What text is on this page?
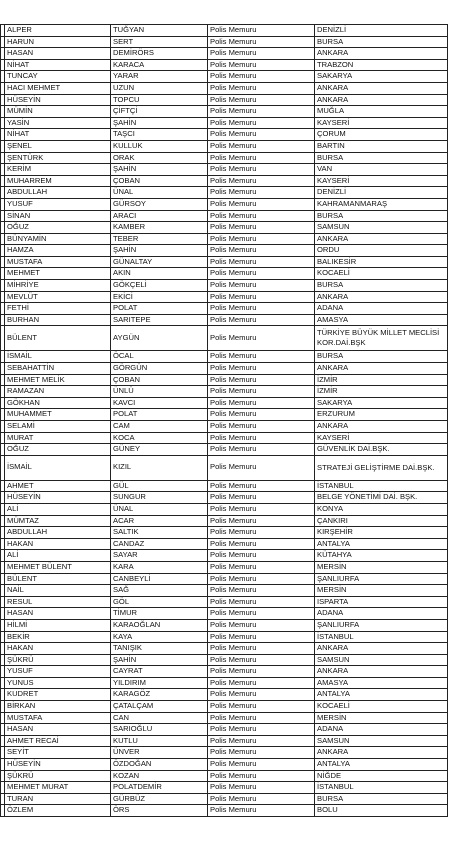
	ALPER	TUĞYAN	Polis Memuru	DENİZLİ
	HARUN	SERT	Polis Memuru	BURSA
	HASAN	DEMİRÖRS	Polis Memuru	ANKARA
	NİHAT	KARACA	Polis Memuru	TRABZON
	TUNCAY	YARAR	Polis Memuru	SAKARYA
	HACI MEHMET	UZUN	Polis Memuru	ANKARA
	HÜSEYİN	TOPCU	Polis Memuru	ANKARA
	MÜMİN	ÇİFTÇİ	Polis Memuru	MUĞLA
	YASİN	ŞAHİN	Polis Memuru	KAYSERİ
	NİHAT	TAŞCI	Polis Memuru	ÇORUM
	ŞENEL	KULLUK	Polis Memuru	BARTIN
	ŞENTÜRK	ORAK	Polis Memuru	BURSA
	KERİM	ŞAHİN	Polis Memuru	VAN
	MUHARREM	ÇOBAN	Polis Memuru	KAYSERİ
	ABDULLAH	ÜNAL	Polis Memuru	DENİZLİ
	YUSUF	GÜRSOY	Polis Memuru	KAHRAMANMARAŞ
	SİNAN	ARACI	Polis Memuru	BURSA
	OĞUZ	KAMBER	Polis Memuru	SAMSUN
	BÜNYAMİN	TEBER	Polis Memuru	ANKARA
	HAMZA	ŞAHİN	Polis Memuru	ORDU
	MUSTAFA	GÜNALTAY	Polis Memuru	BALIKESİR
	MEHMET	AKIN	Polis Memuru	KOCAELİ
	MİHRİYE	GÖKÇELİ	Polis Memuru	BURSA
	MEVLÜT	EKİCİ	Polis Memuru	ANKARA
	FETHİ	POLAT	Polis Memuru	ADANA
	BURHAN	SARITEPE	Polis Memuru	AMASYA
	BÜLENT	AYGÜN	Polis Memuru	TÜRKİYE BÜYÜK MİLLET MECLİSİ KOR.DAİ.BŞK
	İSMAİL	ÖCAL	Polis Memuru	BURSA
	SEBAHATTİN	GÖRGÜN	Polis Memuru	ANKARA
	MEHMET MELİK	ÇOBAN	Polis Memuru	İZMİR
	RAMAZAN	ÜNLÜ	Polis Memuru	İZMİR
	GÖKHAN	KAVCI	Polis Memuru	SAKARYA
	MUHAMMET	POLAT	Polis Memuru	ERZURUM
	SELAMİ	CAM	Polis Memuru	ANKARA
	MURAT	KOCA	Polis Memuru	KAYSERİ
	OĞUZ	GÜNEY	Polis Memuru	GÜVENLİK DAİ.BŞK.
	İSMAİL	KIZIL	Polis Memuru	STRATEJİ GELİŞTİRME DAİ.BŞK.
	AHMET	GÜL	Polis Memuru	İSTANBUL
	HÜSEYİN	SUNGUR	Polis Memuru	BELGE YÖNETİMİ DAİ. BŞK.
	ALİ	ÜNAL	Polis Memuru	KONYA
	MÜMTAZ	ACAR	Polis Memuru	ÇANKIRI
	ABDULLAH	SALTIK	Polis Memuru	KIRŞEHİR
	HAKAN	CANDAZ	Polis Memuru	ANTALYA
	ALİ	SAYAR	Polis Memuru	KÜTAHYA
	MEHMET BÜLENT	KARA	Polis Memuru	MERSİN
	BÜLENT	CANBEYLİ	Polis Memuru	ŞANLIURFA
	NAİL	SAĞ	Polis Memuru	MERSİN
	RESUL	GÖL	Polis Memuru	ISPARTA
	HASAN	TİMUR	Polis Memuru	ADANA
	HİLMİ	KARAOĞLAN	Polis Memuru	ŞANLIURFA
	BEKİR	KAYA	Polis Memuru	İSTANBUL
	HAKAN	TANIŞIK	Polis Memuru	ANKARA
	ŞÜKRÜ	ŞAHİN	Polis Memuru	SAMSUN
	YUSUF	CAYRAT	Polis Memuru	ANKARA
	YUNUS	YILDIRIM	Polis Memuru	AMASYA
	KUDRET	KARAGÖZ	Polis Memuru	ANTALYA
	BİRKAN	ÇATALÇAM	Polis Memuru	KOCAELİ
	MUSTAFA	CAN	Polis Memuru	MERSİN
	HASAN	SARIOĞLU	Polis Memuru	ADANA
	AHMET RECAİ	KUTLU	Polis Memuru	SAMSUN
	SEYİT	ÜNVER	Polis Memuru	ANKARA
	HÜSEYİN	ÖZDOĞAN	Polis Memuru	ANTALYA
	ŞÜKRÜ	KOZAN	Polis Memuru	NİĞDE
	MEHMET MURAT	POLATDEMİR	Polis Memuru	İSTANBUL
	TURAN	GÜRBÜZ	Polis Memuru	BURSA
	ÖZLEM	ÖRS	Polis Memuru	BOLU
